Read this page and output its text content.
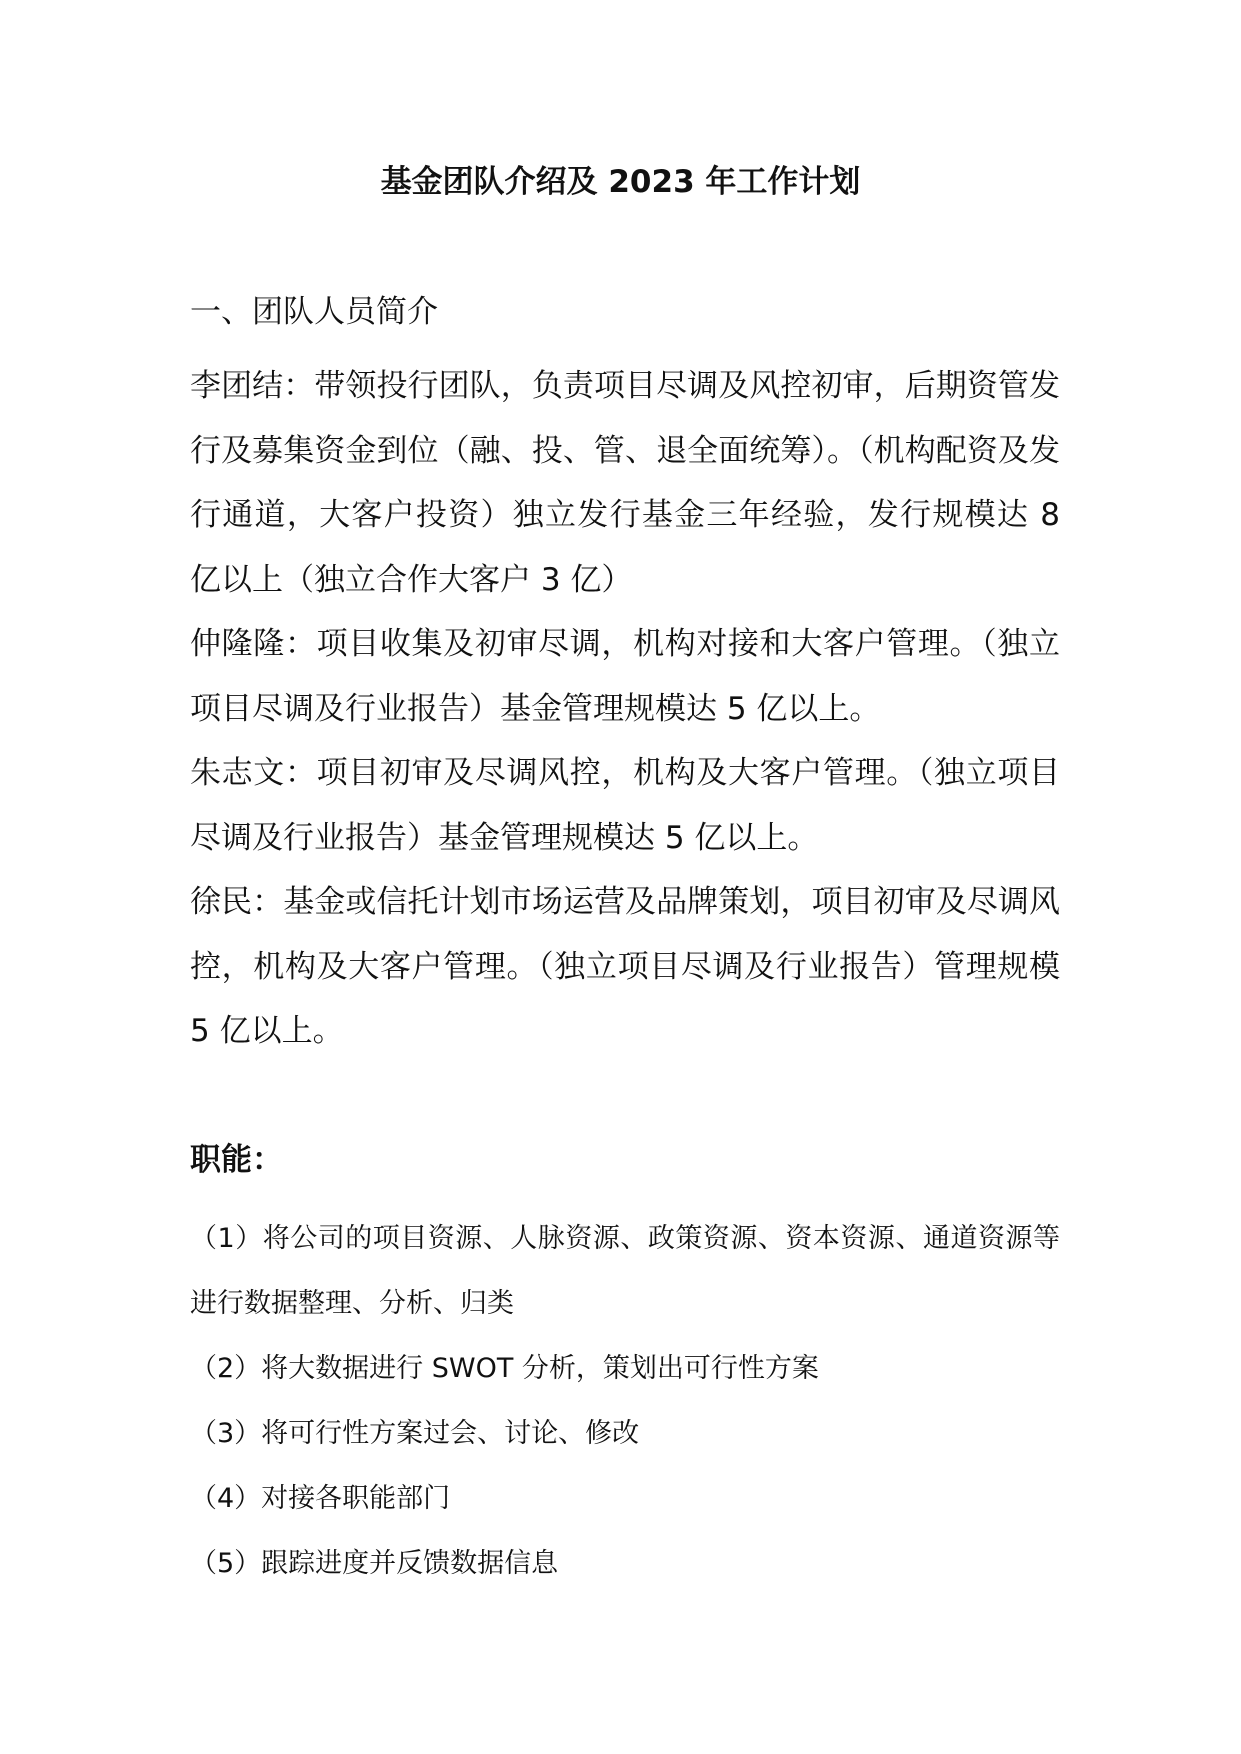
基金团队介绍及 2023 年工作计划
一、团队人员简介
李团结：带领投行团队，负责项目尽调及风控初审，后期资管发行及募集资金到位（融、投、管、退全面统筹）。（机构配资及发行通道，大客户投资）独立发行基金三年经验，发行规模达 8 亿以上（独立合作大客户 3 亿）
仲隆隆：项目收集及初审尽调，机构对接和大客户管理。（独立项目尽调及行业报告）基金管理规模达 5 亿以上。
朱志文：项目初审及尽调风控，机构及大客户管理。（独立项目尽调及行业报告）基金管理规模达 5 亿以上。
徐民：基金或信托计划市场运营及品牌策划，项目初审及尽调风控，机构及大客户管理。（独立项目尽调及行业报告）管理规模 5 亿以上。
职能：
（1）将公司的项目资源、人脉资源、政策资源、资本资源、通道资源等进行数据整理、分析、归类
（2）将大数据进行 SWOT 分析，策划出可行性方案
（3）将可行性方案过会、讨论、修改
（4）对接各职能部门
（5）跟踪进度并反馈数据信息
